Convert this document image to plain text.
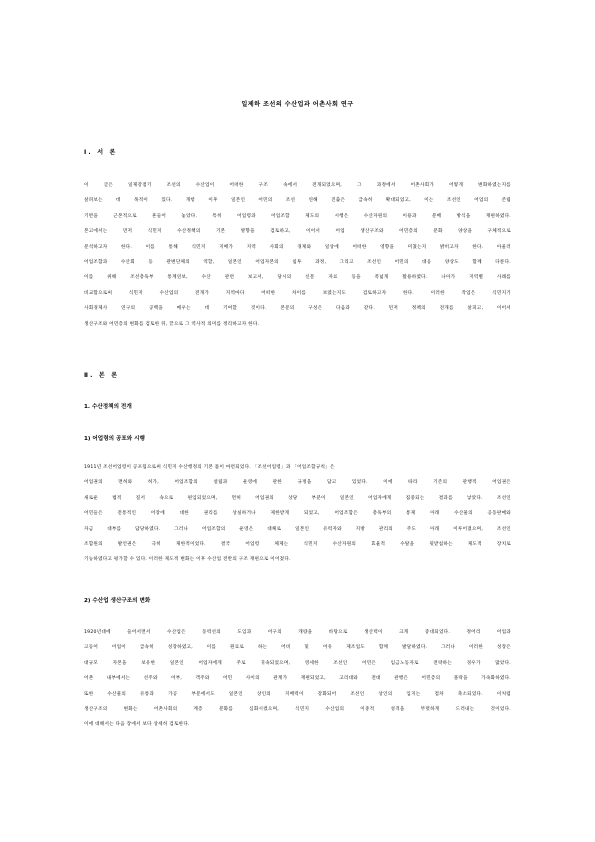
일제하 조선의 수산업과 어촌사회 연구
Ⅰ. 서 론
이 글은 일제강점기 조선의 수산업이 어떠한 구조 속에서 전개되었으며, 그 과정에서 어촌사회가 어떻게 변화하였는지를
살펴보는 데 목적이 있다. 개항 이후 일본인 어민의 조선 연해 진출은 급속히 확대되었고, 이는 조선인 어업의 존립
기반을 근본적으로 흔들어 놓았다. 특히 어업령과 어업조합 제도의 시행은 수산자원의 이용과 분배 방식을 재편하였다.
본고에서는 먼저 식민지 수산정책의 기본 방향을 검토하고, 이어서 어업 생산구조와 어민층의 분화 양상을 구체적으로
분석하고자 한다. 이를 통해 식민지 지배가 지역 사회의 경제와 일상에 어떠한 영향을 미쳤는지 밝히고자 한다. 아울러
어업조합과 수산회 등 관변단체의 역할, 일본인 어업자본의 침투 과정, 그리고 조선인 어민의 대응 양상도 함께 다룬다.
이를 위해 조선총독부 통계연보, 수산 관련 보고서, 당시의 신문 자료 등을 폭넓게 활용하였다. 나아가 지역별 사례를
비교함으로써 식민지 수산업의 전개가 지역마다 어떠한 차이를 보였는지도 검토하고자 한다. 이러한 작업은 식민지기
사회경제사 연구의 공백을 메우는 데 기여할 것이다. 본문의 구성은 다음과 같다. 먼저 정책의 전개를 살피고, 이어서
생산구조와 어민층의 변화를 검토한 뒤, 끝으로 그 역사적 의미를 정리하고자 한다.
Ⅱ. 본 론
1. 수산정책의 전개
1) 어업령의 공포와 시행
1911년 조선어업령이 공포됨으로써 식민지 수산행정의 기본 틀이 마련되었다. 「조선어업령」과 「어업조합규칙」은
어업권의 면허와 허가, 어업조합의 설립과 운영에 관한 규정을 담고 있었다. 이에 따라 기존의 관행적 어업권은
새로운 법적 질서 속으로 편입되었으며, 면허 어업권의 상당 부분이 일본인 어업자에게 집중되는 결과를 낳았다. 조선인
어민들은 전통적인 어장에 대한 권리를 상실하거나 제한받게 되었고, 어업조합은 총독부의 통제 아래 수산물의 공동판매와
자금 대부를 담당하였다. 그러나 어업조합의 운영은 대체로 일본인 유력자와 지방 관리의 주도 아래 이루어졌으며, 조선인
조합원의 발언권은 극히 제한적이었다. 결국 어업령 체제는 식민지 수산자원의 효율적 수탈을 뒷받침하는 제도적 장치로
기능하였다고 평가할 수 있다. 이러한 제도적 변화는 이후 수산업 전반의 구조 재편으로 이어졌다.
2) 수산업 생산구조의 변화
1920년대에 들어서면서 수산업은 동력선의 도입과 어구의 개량을 바탕으로 생산력이 크게 증대되었다. 정어리 어업과
고등어 어업이 급속히 성장하였고, 이를 원료로 하는 어비 및 어유 제조업도 함께 발달하였다. 그러나 이러한 성장은
대규모 자본을 보유한 일본인 어업자에게 주로 귀속되었으며, 영세한 조선인 어민은 임금노동자로 전락하는 경우가 많았다.
어촌 내부에서는 선주와 어부, 객주와 어민 사이의 관계가 재편되었고, 고리대와 전대 관행은 어민층의 몰락을 가속화하였다.
또한 수산물의 유통과 가공 부문에서도 일본인 상인의 지배력이 강화되어 조선인 상인의 입지는 점차 축소되었다. 이처럼
생산구조의 변화는 어촌사회의 계층 분화를 심화시켰으며, 식민지 수산업의 이중적 성격을 뚜렷하게 드러내는 것이었다.
이에 대해서는 다음 장에서 보다 상세히 검토한다.
